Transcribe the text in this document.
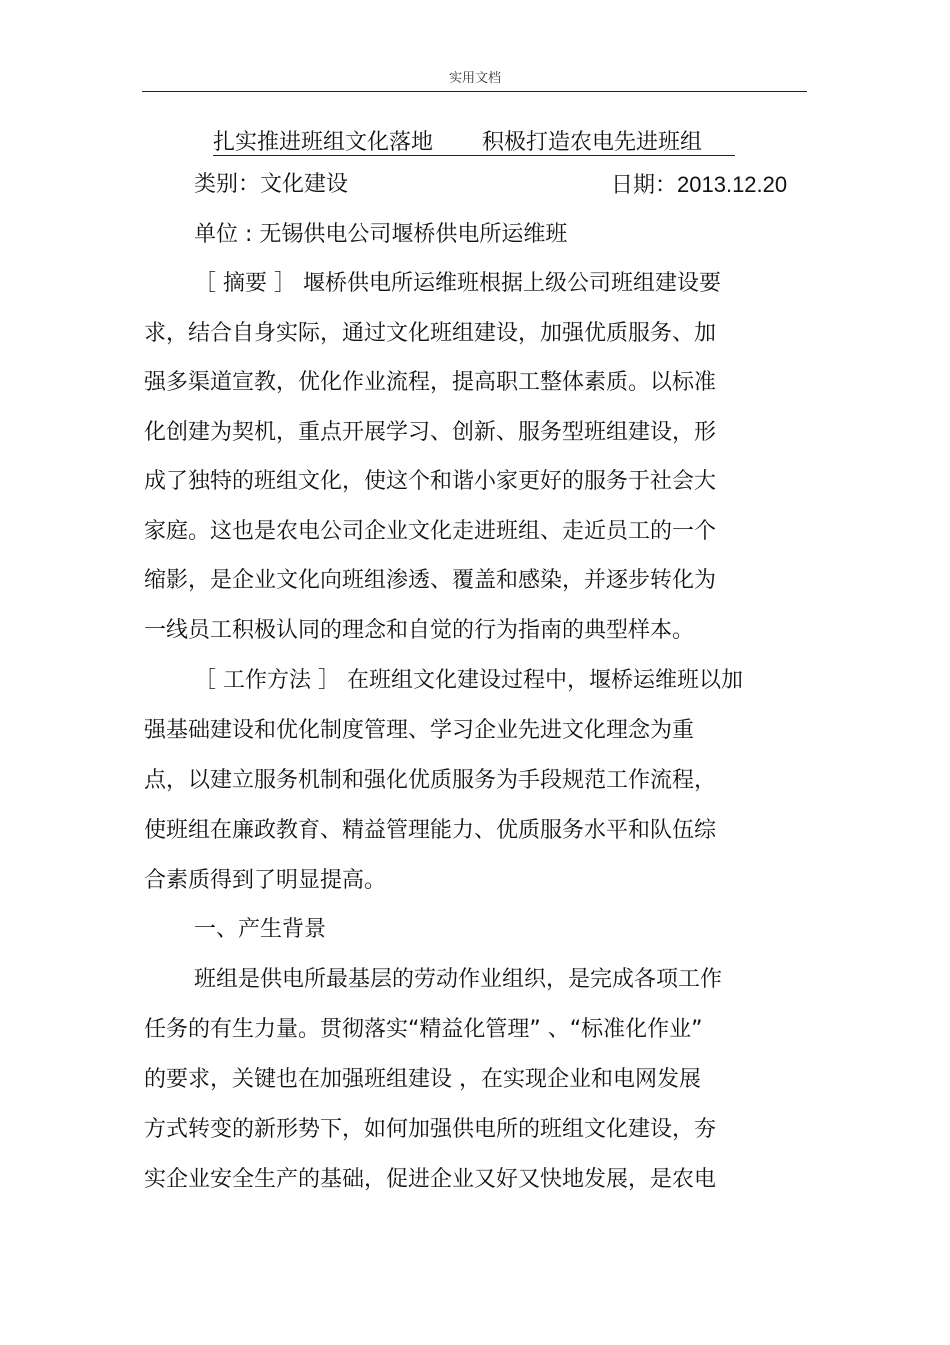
实用文档
扎实推进班组文化落地 积极打造农电先进班组
类别：文化建设	日期：2013.12.20
单位 : 无锡供电公司堰桥供电所运维班
［ 摘要 ］ 堰桥供电所运维班根据上级公司班组建设要
求，结合自身实际，通过文化班组建设，加强优质服务、加
强多渠道宣教，优化作业流程，提高职工整体素质。以标准
化创建为契机，重点开展学习、创新、服务型班组建设，形
成了独特的班组文化，使这个和谐小家更好的服务于社会大
家庭。这也是农电公司企业文化走进班组、走近员工的一个
缩影，是企业文化向班组渗透、覆盖和感染，并逐步转化为
一线员工积极认同的理念和自觉的行为指南的典型样本。
［ 工作方法 ］ 在班组文化建设过程中，堰桥运维班以加
强基础建设和优化制度管理、学习企业先进文化理念为重
点，以建立服务机制和强化优质服务为手段规范工作流程，
使班组在廉政教育、精益管理能力、优质服务水平和队伍综
合素质得到了明显提高。
一、产生背景
班组是供电所最基层的劳动作业组织，是完成各项工作
任务的有生力量。贯彻落实“精益化管理” 、“标准化作业”
的要求，关键也在加强班组建设 ，在实现企业和电网发展
方式转变的新形势下，如何加强供电所的班组文化建设，夯
实企业安全生产的基础，促进企业又好又快地发展，是农电
